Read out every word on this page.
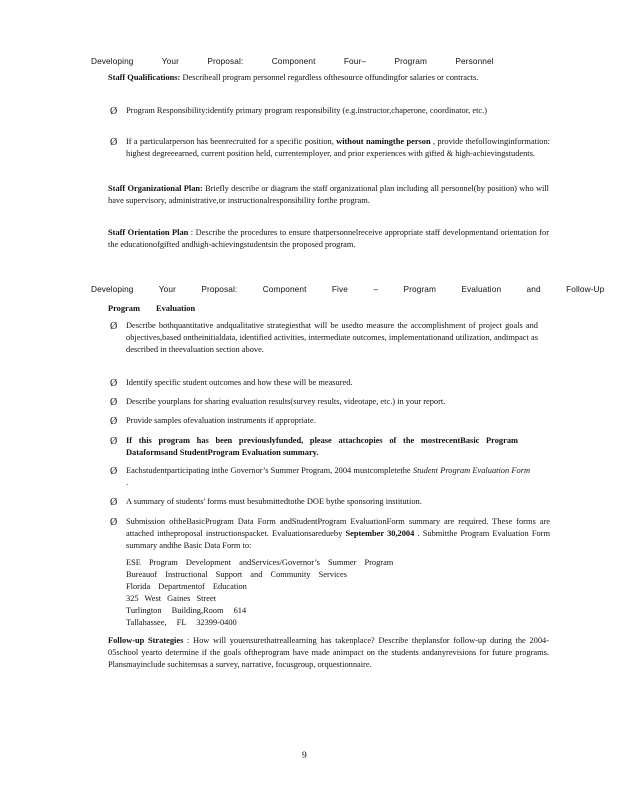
Developing Your Proposal: Component Four– Program Personnel
Staff Qualifications: Describeall program personnel regardless ofthesource offundingfor salaries or contracts.
Ø Program Responsibility:identify primary program responsibility (e.g.instructor,chaperone, coordinator, etc.)
Ø If a particularperson has beenrecruited for a specific position, without namingthe person , provide thefollowinginformation: highest degreeearned, current position held, currentemployer, and prior experiences with gifted & high-achievingstudents.
Staff Organizational Plan: Briefly describe or diagram the staff organizational plan including all personnel(by position) who will have supervisory, administrative,or instructionalresponsibility forthe program.
Staff Orientation Plan : Describe the procedures to ensure thatpersonnelreceive appropriate staff developmentand orientation for the educationofgifted andhigh-achievingstudentsin the proposed program.
Developing Your Proposal: Component Five – Program Evaluation and Follow-Up
Program Evaluation
Ø Describe bothquantitative andqualitative strategiesthat will be usedto measure the accomplishment of project goals and objectives,based ontheinitialdata, identified activities, intermediate outcomes, implementationand utilization, andimpact as described in theevaluation section above.
Ø Identify specific student outcomes and how these will be measured.
Ø Describe yourplans for sharing evaluation results(survey results, videotape, etc.) in your report.
Ø Provide samples ofevaluation instruments if appropriate.
Ø If this program has been previouslyfunded, please attachcopies of the mostrecentBasic Program Dataformsand StudentProgram Evaluation summary.
Ø Eachstudentparticipating inthe Governor’s Summer Program, 2004 mustcompletethe Student Program Evaluation Form .
Ø A summary of students' forms must besubmittedtothe DOE bythe sponsoring institution.
Ø Submission oftheBasicProgram Data Form andStudentProgram EvaluationForm summary are required. These forms are attached intheproposal instructionspacket. Evaluationsaredueby September 30,2004 . Submitthe Program Evaluation Form summary andthe Basic Data Form to:
ESE Program Development andServices/Governor’s Summer Program
Bureauof Instructional Support and Community Services
Florida Departmentof Education
325 West Gaines Street
Turlington Building,Room 614
Tallahassee, FL 32399-0400
Follow-up Strategies : How will youensurethatreallearning has takenplace? Describe theplansfor follow-up during the 2004-05school yearto determine if the goals oftheprogram have made animpact on the students andanyrevisions for future programs. Plansmayinclude suchitemsas a survey, narrative, focusgroup, orquestionnaire.
9
